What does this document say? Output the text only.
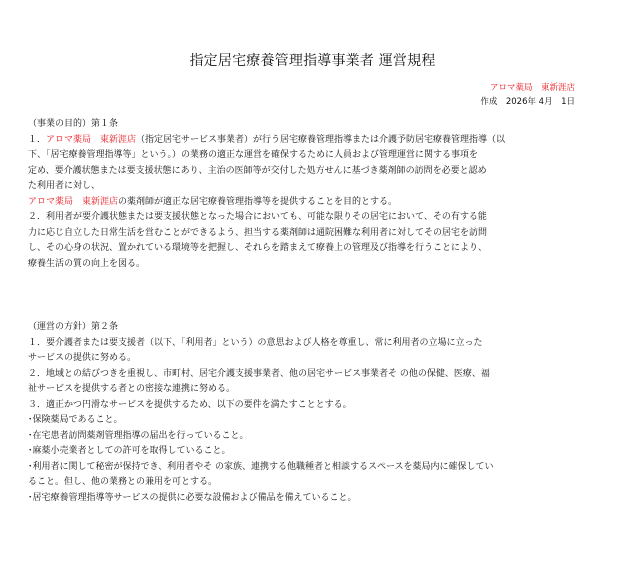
指定居宅療養管理指導事業者 運営規程
アロマ薬局　東新涯店
作成　2026年 4月　1日
（事業の目的）第１条
１．アロマ薬局　東新涯店（指定居宅サービス事業者）が行う居宅療養管理指導または介護予防居宅療養管理指導（以
下、「居宅療養管理指導等」という。）の業務の適正な運営を確保するために人員および管理運営に関する事項を
定め、要介護状態または要支援状態にあり、主治の医師等が交付した処方せんに基づき薬剤師の訪問を必要と認め
た利用者に対し、
アロマ薬局　東新涯店の薬剤師が適正な居宅療養管理指導等を提供することを目的とする。
２．利用者が要介護状態または要支援状態となった場合においても、可能な限りその居宅において、その有する能
力に応じ自立した日常生活を営むことができるよう、担当する薬剤師は通院困難な利用者に対してその居宅を訪問
し、その心身の状況、置かれている環境等を把握し、それらを踏まえて療養上の管理及び指導を行うことにより、
療養生活の質の向上を図る。
（運営の方針）第２条
１．要介護者または要支援者（以下、「利用者」という）の意思および人格を尊重し、常に利用者の立場に立った
サービスの提供に努める。
２．地域との結びつきを重視し、市町村、居宅介護支援事業者、他の居宅サービス事業者そ の他の保健、医療、福
祉サービスを提供する者との密接な連携に努める。
３．適正かつ円滑なサービスを提供するため、以下の要件を満たすこととする。
･保険薬局であること。
･在宅患者訪問薬剤管理指導の届出を行っていること。
･麻薬小売業者としての許可を取得していること。
･利用者に関して秘密が保持でき、利用者やそ の家族、連携する他職種者と相談するスペースを薬局内に確保してい
ること。但し、他の業務との兼用を可とする。
･居宅療養管理指導等サービスの提供に必要な設備および備品を備えていること。
